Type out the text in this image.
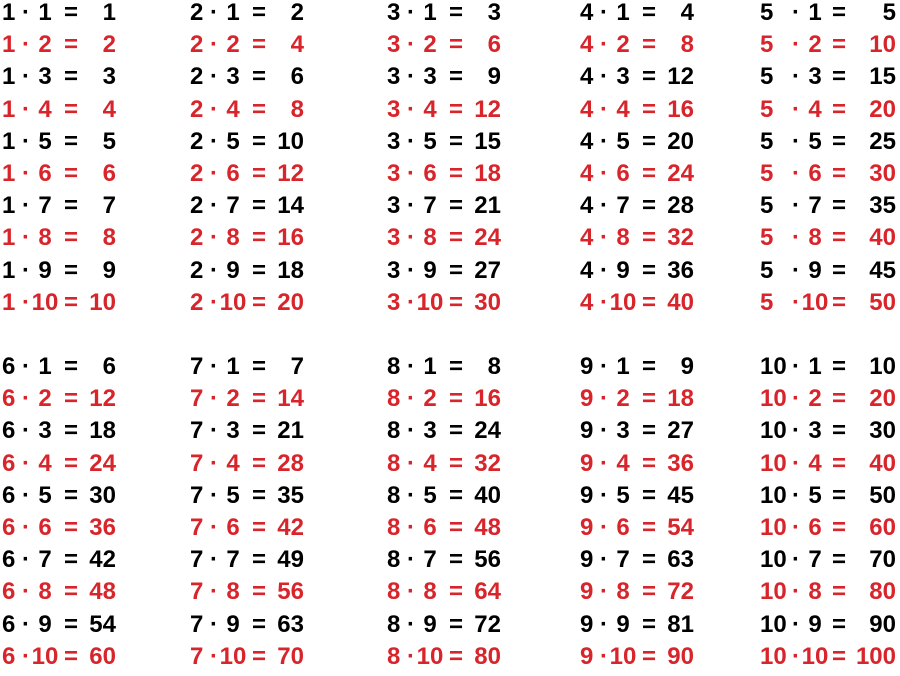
1 · 1 =	1	2 · 1 =	2	3 · 1 =	3	4 · 1 =	4	5 · 1 =	5
1 · 2 =	2	2 · 2 =	4	3 · 2 =	6	4 · 2 =	8	5 · 2 = 10
1 · 3 =	3	2 · 3 =	6	3 · 3 =	9	4 · 3 = 12	5 · 3 = 15
1 · 4 =	4	2 · 4 =	8	3 · 4 = 12	4 · 4 = 16	5 · 4 = 20
1 · 5 =	5	2 · 5 = 10	3 · 5 = 15	4 · 5 = 20	5 · 5 = 25
1 · 6 =	6	2 · 6 = 12	3 · 6 = 18	4 · 6 = 24	5 · 6 = 30
1 · 7 =	7	2 · 7 = 14	3 · 7 = 21	4 · 7 = 28	5 · 7 = 35
1 · 8 =	8	2 · 8 = 16	3 · 8 = 24	4 · 8 = 32	5 · 8 = 40
1 · 9 =	9	2 · 9 = 18	3 · 9 = 27	4 · 9 = 36	5 · 9 = 45
1 · 10 = 10	2 · 10 = 20	3 · 10 = 30	4 · 10 = 40	5 · 10 = 50
6 · 1 =	6	7 · 1 =	7	8 · 1 =	8	9 · 1 =	9	10 · 1 = 10
6 · 2 = 12	7 · 2 = 14	8 · 2 = 16	9 · 2 = 18	10 · 2 = 20
6 · 3 = 18	7 · 3 = 21	8 · 3 = 24	9 · 3 = 27	10 · 3 = 30
6 · 4 = 24	7 · 4 = 28	8 · 4 = 32	9 · 4 = 36	10 · 4 = 40
6 · 5 = 30	7 · 5 = 35	8 · 5 = 40	9 · 5 = 45	10 · 5 = 50
6 · 6 = 36	7 · 6 = 42	8 · 6 = 48	9 · 6 = 54	10 · 6 = 60
6 · 7 = 42	7 · 7 = 49	8 · 7 = 56	9 · 7 = 63	10 · 7 = 70
6 · 8 = 48	7 · 8 = 56	8 · 8 = 64	9 · 8 = 72	10 · 8 = 80
6 · 9 = 54	7 · 9 = 63	8 · 9 = 72	9 · 9 = 81	10 · 9 = 90
6 · 10 = 60	7 · 10 = 70	8 · 10 = 80	9 · 10 = 90	10 · 10 = 100
